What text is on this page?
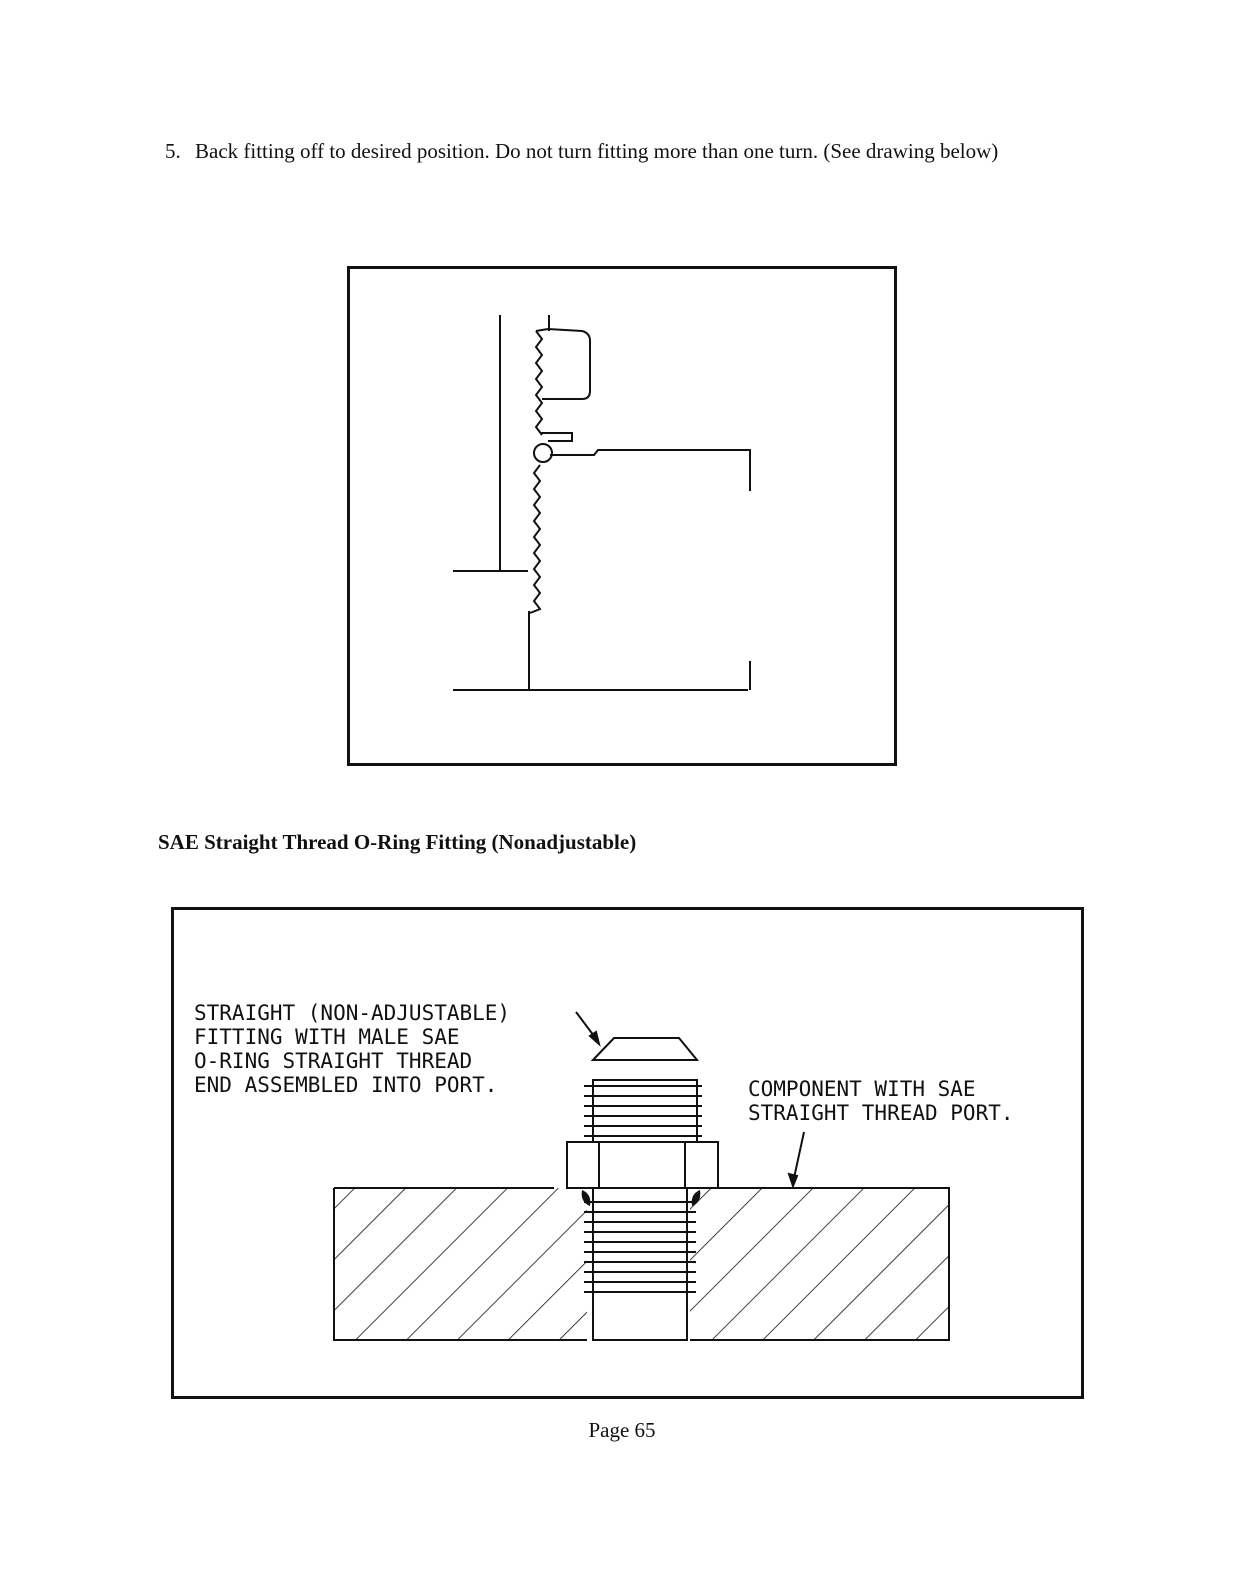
5. Back fitting off to desired position. Do not turn fitting more than one turn. (See drawing below)
SAE Straight Thread O-Ring Fitting (Nonadjustable)
STRAIGHT (NON-ADJUSTABLE)
FITTING WITH MALE SAE
O-RING STRAIGHT THREAD
END ASSEMBLED INTO PORT.	COMPONENT WITH SAE
STRAIGHT THREAD PORT.
Page 65
